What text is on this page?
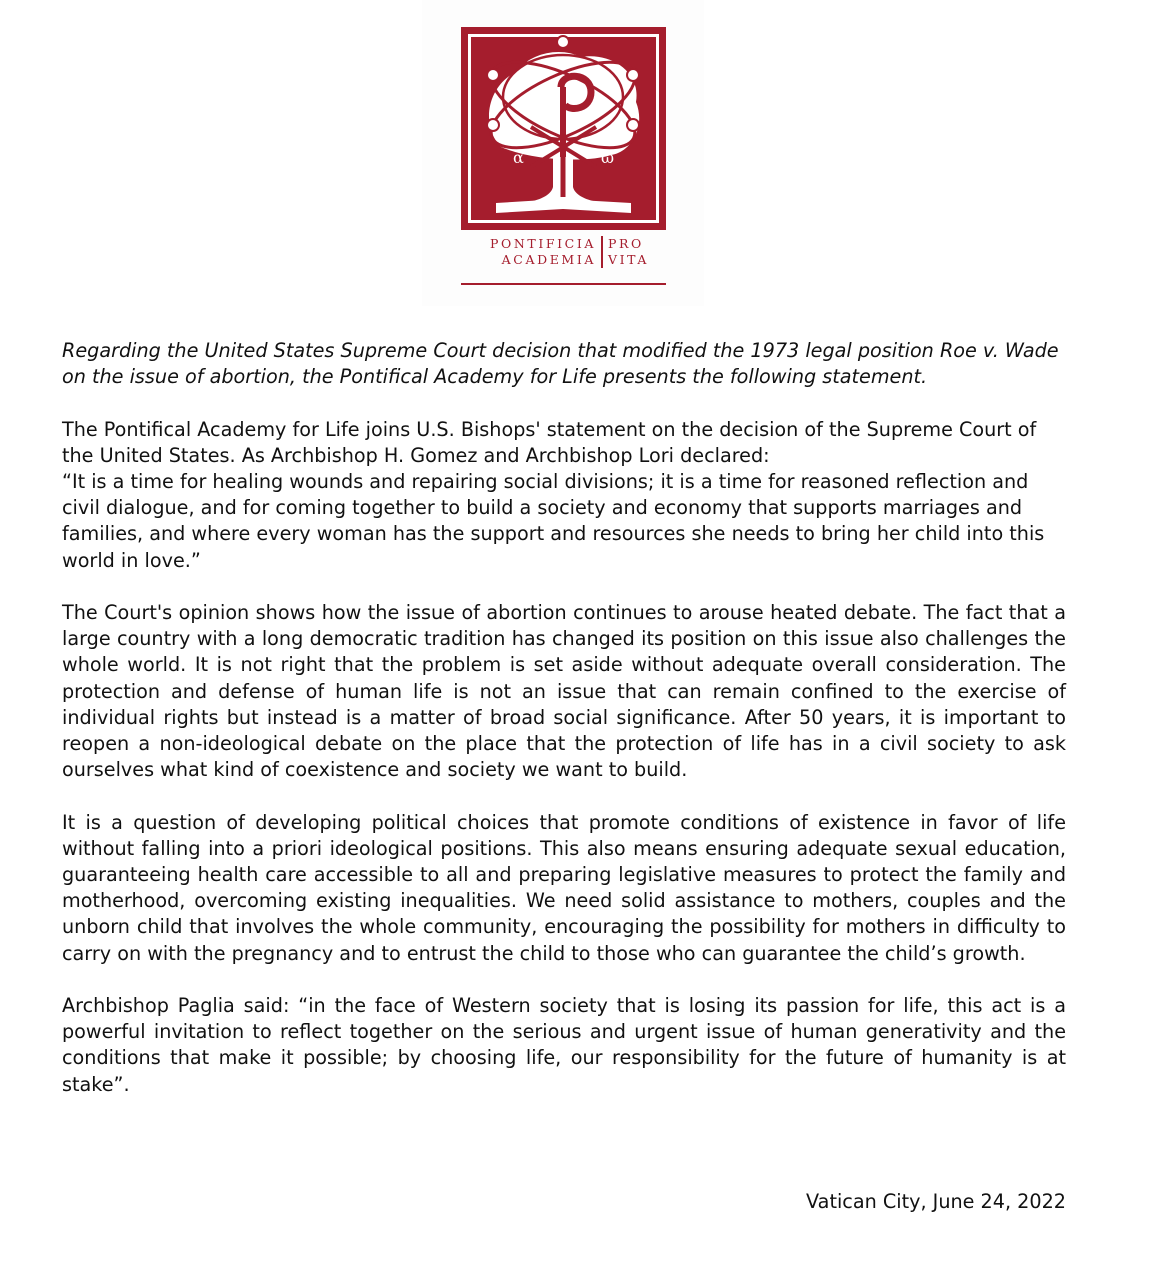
α	ω
PONTIFICIA PRO
ACADEMIA VITA

Regarding the United States Supreme Court decision that modified the 1973 legal position Roe v. Wade on the issue of abortion, the Pontifical Academy for Life presents the following statement.

The Pontifical Academy for Life joins U.S. Bishops' statement on the decision of the Supreme Court of the United States. As Archbishop H. Gomez and Archbishop Lori declared:
“It is a time for healing wounds and repairing social divisions; it is a time for reasoned reflection and civil dialogue, and for coming together to build a society and economy that supports marriages and families, and where every woman has the support and resources she needs to bring her child into this world in love.”

The Court's opinion shows how the issue of abortion continues to arouse heated debate. The fact that a large country with a long democratic tradition has changed its position on this issue also challenges the whole world. It is not right that the problem is set aside without adequate overall consideration. The protection and defense of human life is not an issue that can remain confined to the exercise of individual rights but instead is a matter of broad social significance. After 50 years, it is important to reopen a non-ideological debate on the place that the protection of life has in a civil society to ask ourselves what kind of coexistence and society we want to build.

It is a question of developing political choices that promote conditions of existence in favor of life without falling into a priori ideological positions. This also means ensuring adequate sexual education, guaranteeing health care accessible to all and preparing legislative measures to protect the family and motherhood, overcoming existing inequalities. We need solid assistance to mothers, couples and the unborn child that involves the whole community, encouraging the possibility for mothers in difficulty to carry on with the pregnancy and to entrust the child to those who can guarantee the child’s growth.

Archbishop Paglia said: “in the face of Western society that is losing its passion for life, this act is a powerful invitation to reflect together on the serious and urgent issue of human generativity and the conditions that make it possible; by choosing life, our responsibility for the future of humanity is at stake”.

Vatican City, June 24, 2022
